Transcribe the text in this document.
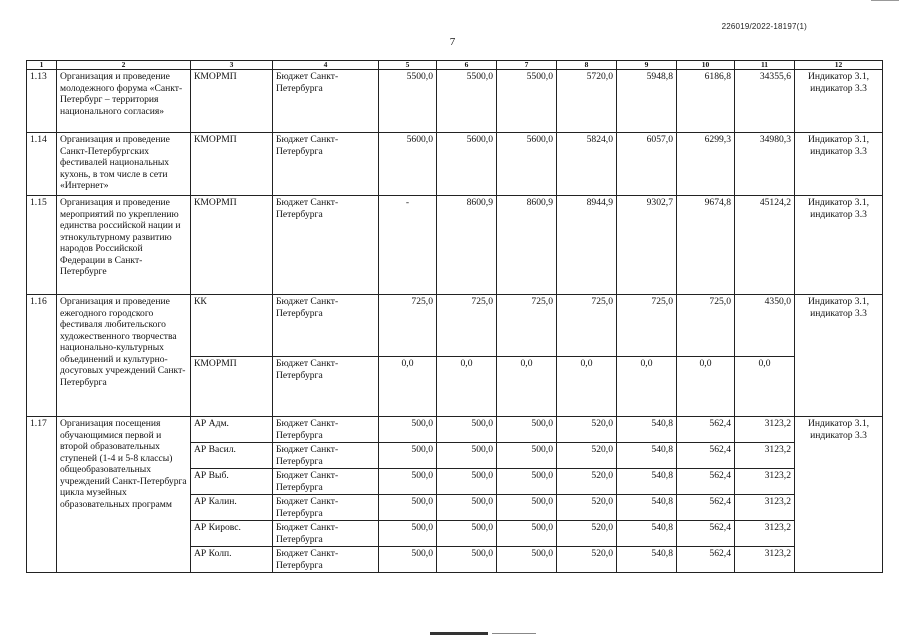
226019/2022-18197(1)
7
1	2	3	4	5	6	7	8	9	10	11	12
1.13	Организация и проведение молодежного форума «Санкт-Петербург – территория национального согласия»	КМОРМП	Бюджет Санкт-Петербурга	5500,0	5500,0	5500,0	5720,0	5948,8	6186,8	34355,6	Индикатор 3.1, индикатор 3.3
1.14	Организация и проведение Санкт-Петербургских фестивалей национальных кухонь, в том числе в сети «Интернет»	КМОРМП	Бюджет Санкт-Петербурга	5600,0	5600,0	5600,0	5824,0	6057,0	6299,3	34980,3	Индикатор 3.1, индикатор 3.3
1.15	Организация и проведение мероприятий по укреплению единства российской нации и этнокультурному развитию народов Российской Федерации в Санкт-Петербурге	КМОРМП	Бюджет Санкт-Петербурга	-	8600,9	8600,9	8944,9	9302,7	9674,8	45124,2	Индикатор 3.1, индикатор 3.3
1.16	Организация и проведение ежегодного городского фестиваля любительского художественного творчества национально-культурных объединений и культурно-досуговых учреждений Санкт-Петербурга	КК	Бюджет Санкт-Петербурга	725,0	725,0	725,0	725,0	725,0	725,0	4350,0	Индикатор 3.1, индикатор 3.3
		КМОРМП	Бюджет Санкт-Петербурга	0,0	0,0	0,0	0,0	0,0	0,0	0,0	
1.17	Организация посещения обучающимися первой и второй образовательных ступеней (1-4 и 5-8 классы) общеобразовательных учреждений Санкт-Петербурга цикла музейных образовательных программ	АР Адм.	Бюджет Санкт-Петербурга	500,0	500,0	500,0	520,0	540,8	562,4	3123,2	Индикатор 3.1, индикатор 3.3
		АР Васил.	Бюджет Санкт-Петербурга	500,0	500,0	500,0	520,0	540,8	562,4	3123,2	
		АР Выб.	Бюджет Санкт-Петербурга	500,0	500,0	500,0	520,0	540,8	562,4	3123,2	
		АР Калин.	Бюджет Санкт-Петербурга	500,0	500,0	500,0	520,0	540,8	562,4	3123,2	
		АР Кировс.	Бюджет Санкт-Петербурга	500,0	500,0	500,0	520,0	540,8	562,4	3123,2	
		АР Колп.	Бюджет Санкт-Петербурга	500,0	500,0	500,0	520,0	540,8	562,4	3123,2	
